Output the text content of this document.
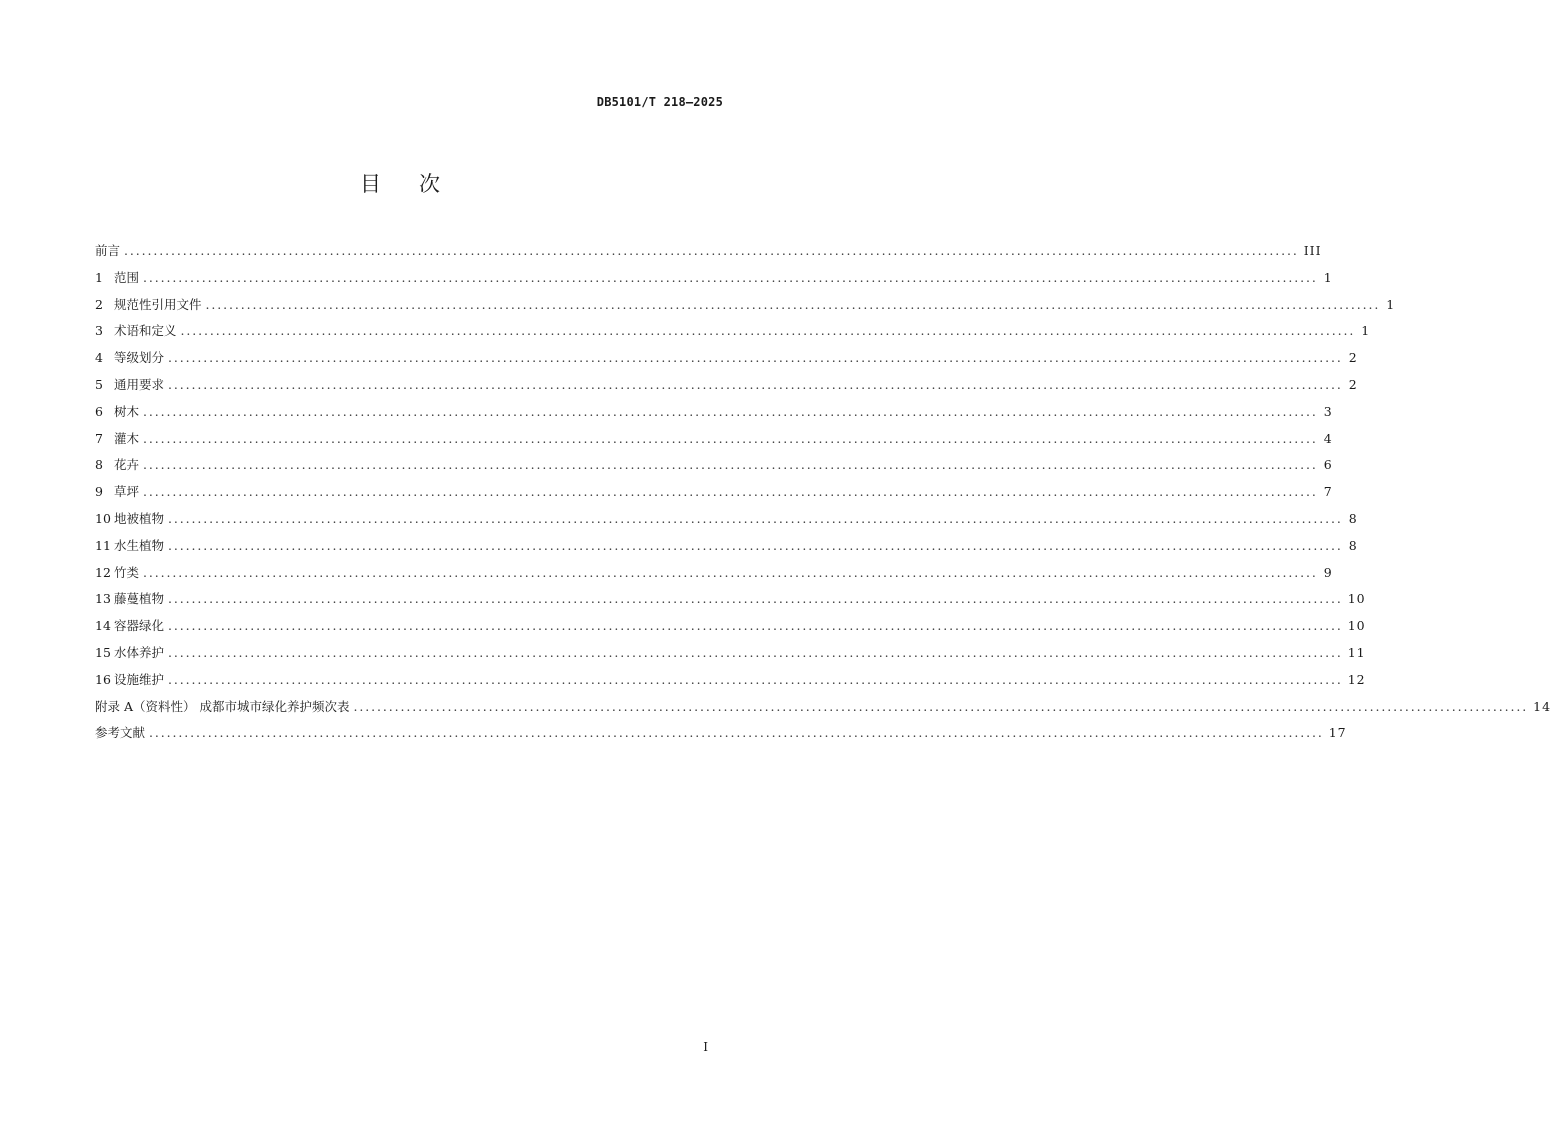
DB5101/T 218—2025
目次
前言 ........................................................................................................................................................................................................ III
1 范围 ........................................................................................................................................................................................................ 1
2 规范性引用文件 ........................................................................................................................................................................................................ 1
3 术语和定义 ........................................................................................................................................................................................................ 1
4 等级划分 ........................................................................................................................................................................................................ 2
5 通用要求 ........................................................................................................................................................................................................ 2
6 树木 ........................................................................................................................................................................................................ 3
7 灌木 ........................................................................................................................................................................................................ 4
8 花卉 ........................................................................................................................................................................................................ 6
9 草坪 ........................................................................................................................................................................................................ 7
10 地被植物 ........................................................................................................................................................................................................ 8
11 水生植物 ........................................................................................................................................................................................................ 8
12 竹类 ........................................................................................................................................................................................................ 9
13 藤蔓植物 ........................................................................................................................................................................................................ 10
14 容器绿化 ........................................................................................................................................................................................................ 10
15 水体养护 ........................................................................................................................................................................................................ 11
16 设施维护 ........................................................................................................................................................................................................ 12
附录 A（资料性） 成都市城市绿化养护频次表 ........................................................................................................................................................................................................ 14
参考文献 ........................................................................................................................................................................................................ 17
I
